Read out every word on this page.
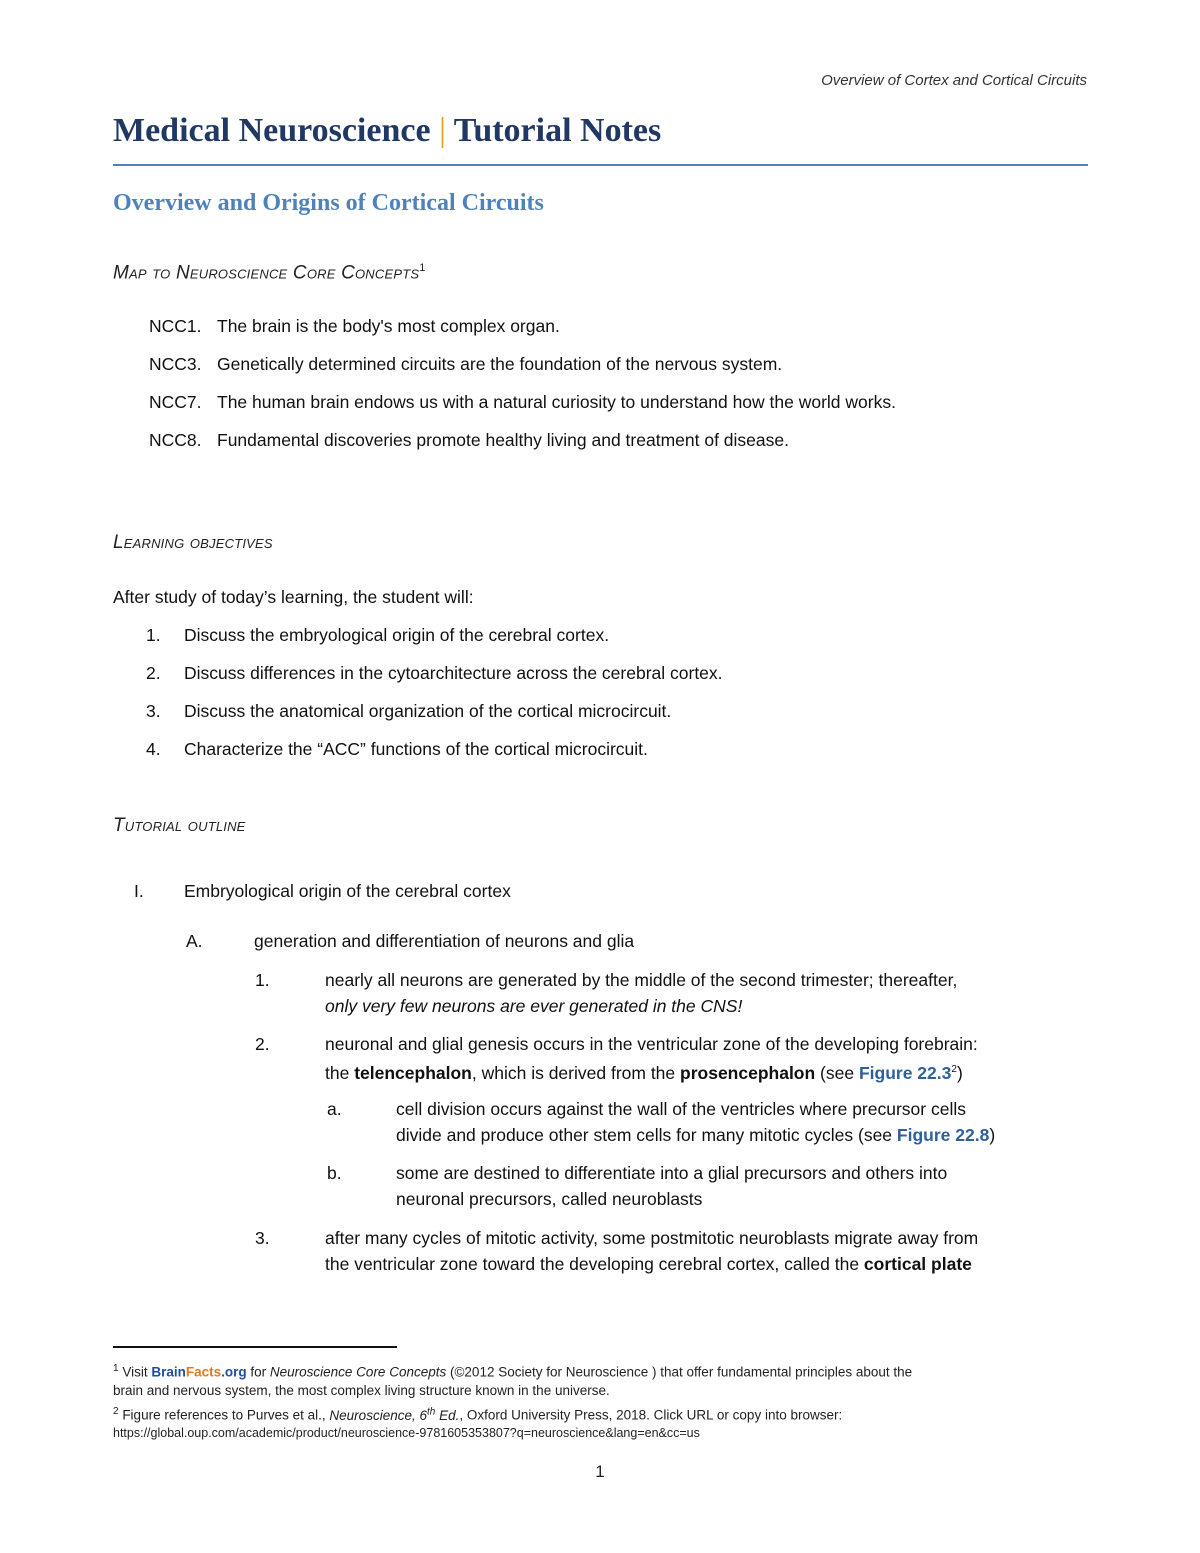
Overview of Cortex and Cortical Circuits
Medical Neuroscience | Tutorial Notes
Overview and Origins of Cortical Circuits
Map to Neuroscience Core Concepts$^1$
NCC1. The brain is the body's most complex organ.
NCC3. Genetically determined circuits are the foundation of the nervous system.
NCC7. The human brain endows us with a natural curiosity to understand how the world works.
NCC8. Fundamental discoveries promote healthy living and treatment of disease.
Learning objectives
After study of today’s learning, the student will:
1. Discuss the embryological origin of the cerebral cortex.
2. Discuss differences in the cytoarchitecture across the cerebral cortex.
3. Discuss the anatomical organization of the cortical microcircuit.
4. Characterize the “ACC” functions of the cortical microcircuit.
Tutorial outline
I. Embryological origin of the cerebral cortex
A.	generation and differentiation of neurons and glia
1.	nearly all neurons are generated by the middle of the second trimester; thereafter,
only very few neurons are ever generated in the CNS!
2.	neuronal and glial genesis occurs in the ventricular zone of the developing forebrain:
the telencephalon, which is derived from the prosencephalon (see Figure 22.3$^2$)
a.	cell division occurs against the wall of the ventricles where precursor cells
divide and produce other stem cells for many mitotic cycles (see Figure 22.8)
b.	some are destined to differentiate into a glial precursors and others into
neuronal precursors, called neuroblasts
3.	after many cycles of mitotic activity, some postmitotic neuroblasts migrate away from
the ventricular zone toward the developing cerebral cortex, called the cortical plate
$^1$ Visit BrainFacts.org for Neuroscience Core Concepts (©2012 Society for Neuroscience ) that offer fundamental principles about the
brain and nervous system, the most complex living structure known in the universe.
$^2$ Figure references to Purves et al., Neuroscience, 6th Ed., Oxford University Press, 2018. Click URL or copy into browser:
https://global.oup.com/academic/product/neuroscience-9781605353807?q=neuroscience&lang=en&cc=us
1
